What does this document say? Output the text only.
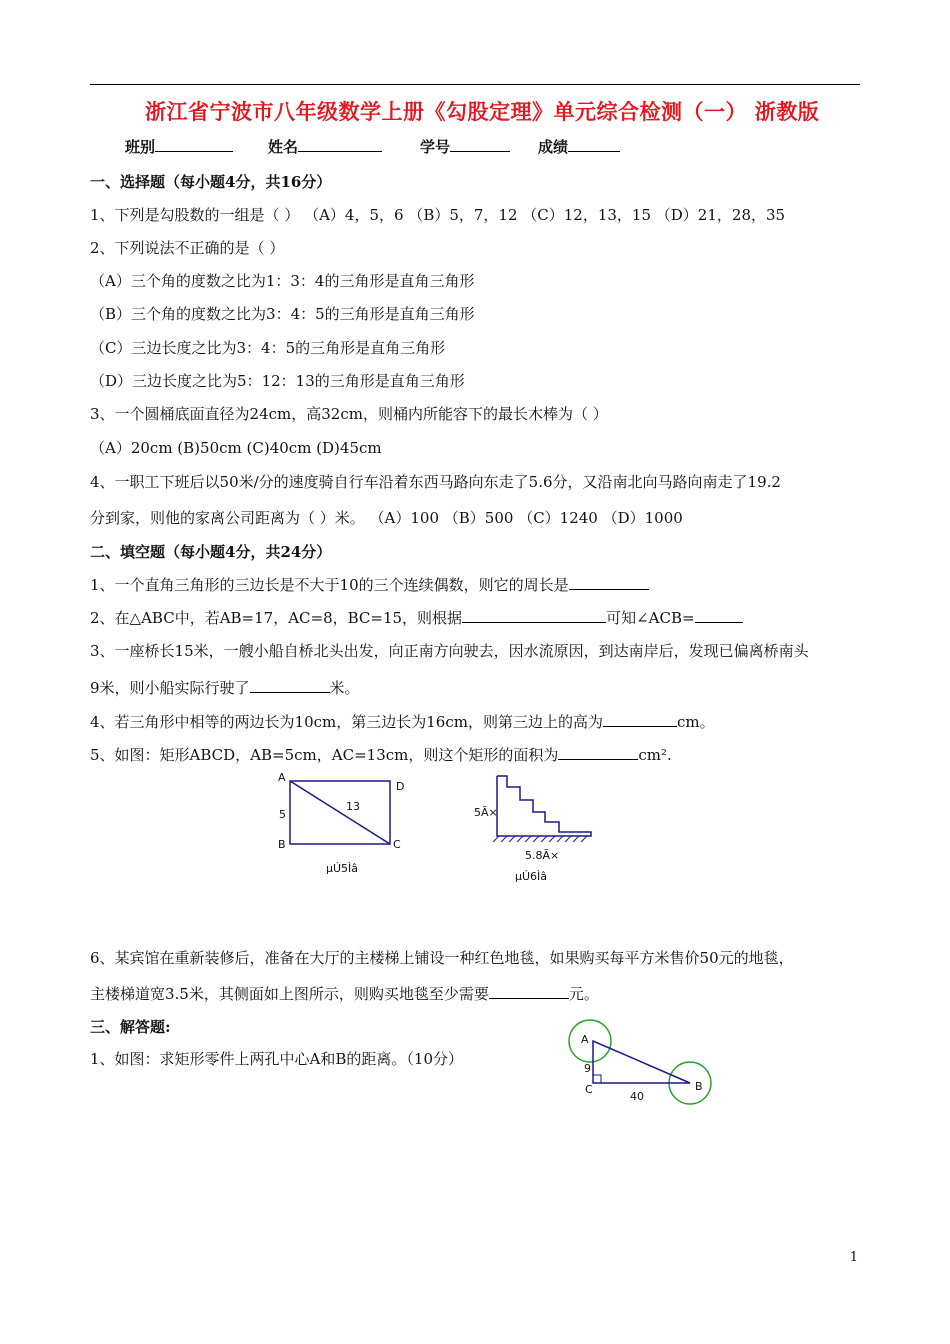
浙江省宁波市八年级数学上册《勾股定理》单元综合检测（一） 浙教版
班别	姓名	学号	成绩
一、选择题（每小题4分，共16分）
1、下列是勾股数的一组是（ ） （A）4，5，6 （B）5，7，12 （C）12，13，15 （D）21，28，35
2、下列说法不正确的是（ ）
（A）三个角的度数之比为1：3：4的三角形是直角三角形
（B）三个角的度数之比为3：4：5的三角形是直角三角形
（C）三边长度之比为3：4：5的三角形是直角三角形
（D）三边长度之比为5：12：13的三角形是直角三角形
3、一个圆桶底面直径为24cm，高32cm，则桶内所能容下的最长木棒为（ ）
（A）20cm (B)50cm (C)40cm (D)45cm
4、一职工下班后以50米/分的速度骑自行车沿着东西马路向东走了5.6分，又沿南北向马路向南走了19.2
分到家，则他的家离公司距离为（ ）米。 （A）100 （B）500 （C）1240 （D）1000
二、填空题（每小题4分，共24分）
1、一个直角三角形的三边长是不大于10的三个连续偶数，则它的周长是
2、在△ABC中，若AB=17，AC=8，BC=15，则根据	可知∠ACB=
3、一座桥长15米，一艘小船自桥北头出发，向正南方向驶去，因水流原因，到达南岸后，发现已偏离桥南头
9米，则小船实际行驶了	米。
4、若三角形中相等的两边长为10cm，第三边长为16cm，则第三边上的高为	cm。
5、如图：矩形ABCD，AB=5cm，AC=13cm，则这个矩形的面积为	cm².
A
D
B	C
5
13
µÚ5Ìâ
5Ã×
5.8Ã×
µÚ6Ìâ
6、某宾馆在重新装修后，准备在大厅的主楼梯上铺设一种红色地毯，如果购买每平方米售价50元的地毯，
主楼梯道宽3.5米，其侧面如上图所示，则购买地毯至少需要	元。
三、解答题:
1、如图：求矩形零件上两孔中心A和B的距离。（10分）
A
B
C
9
40
1
